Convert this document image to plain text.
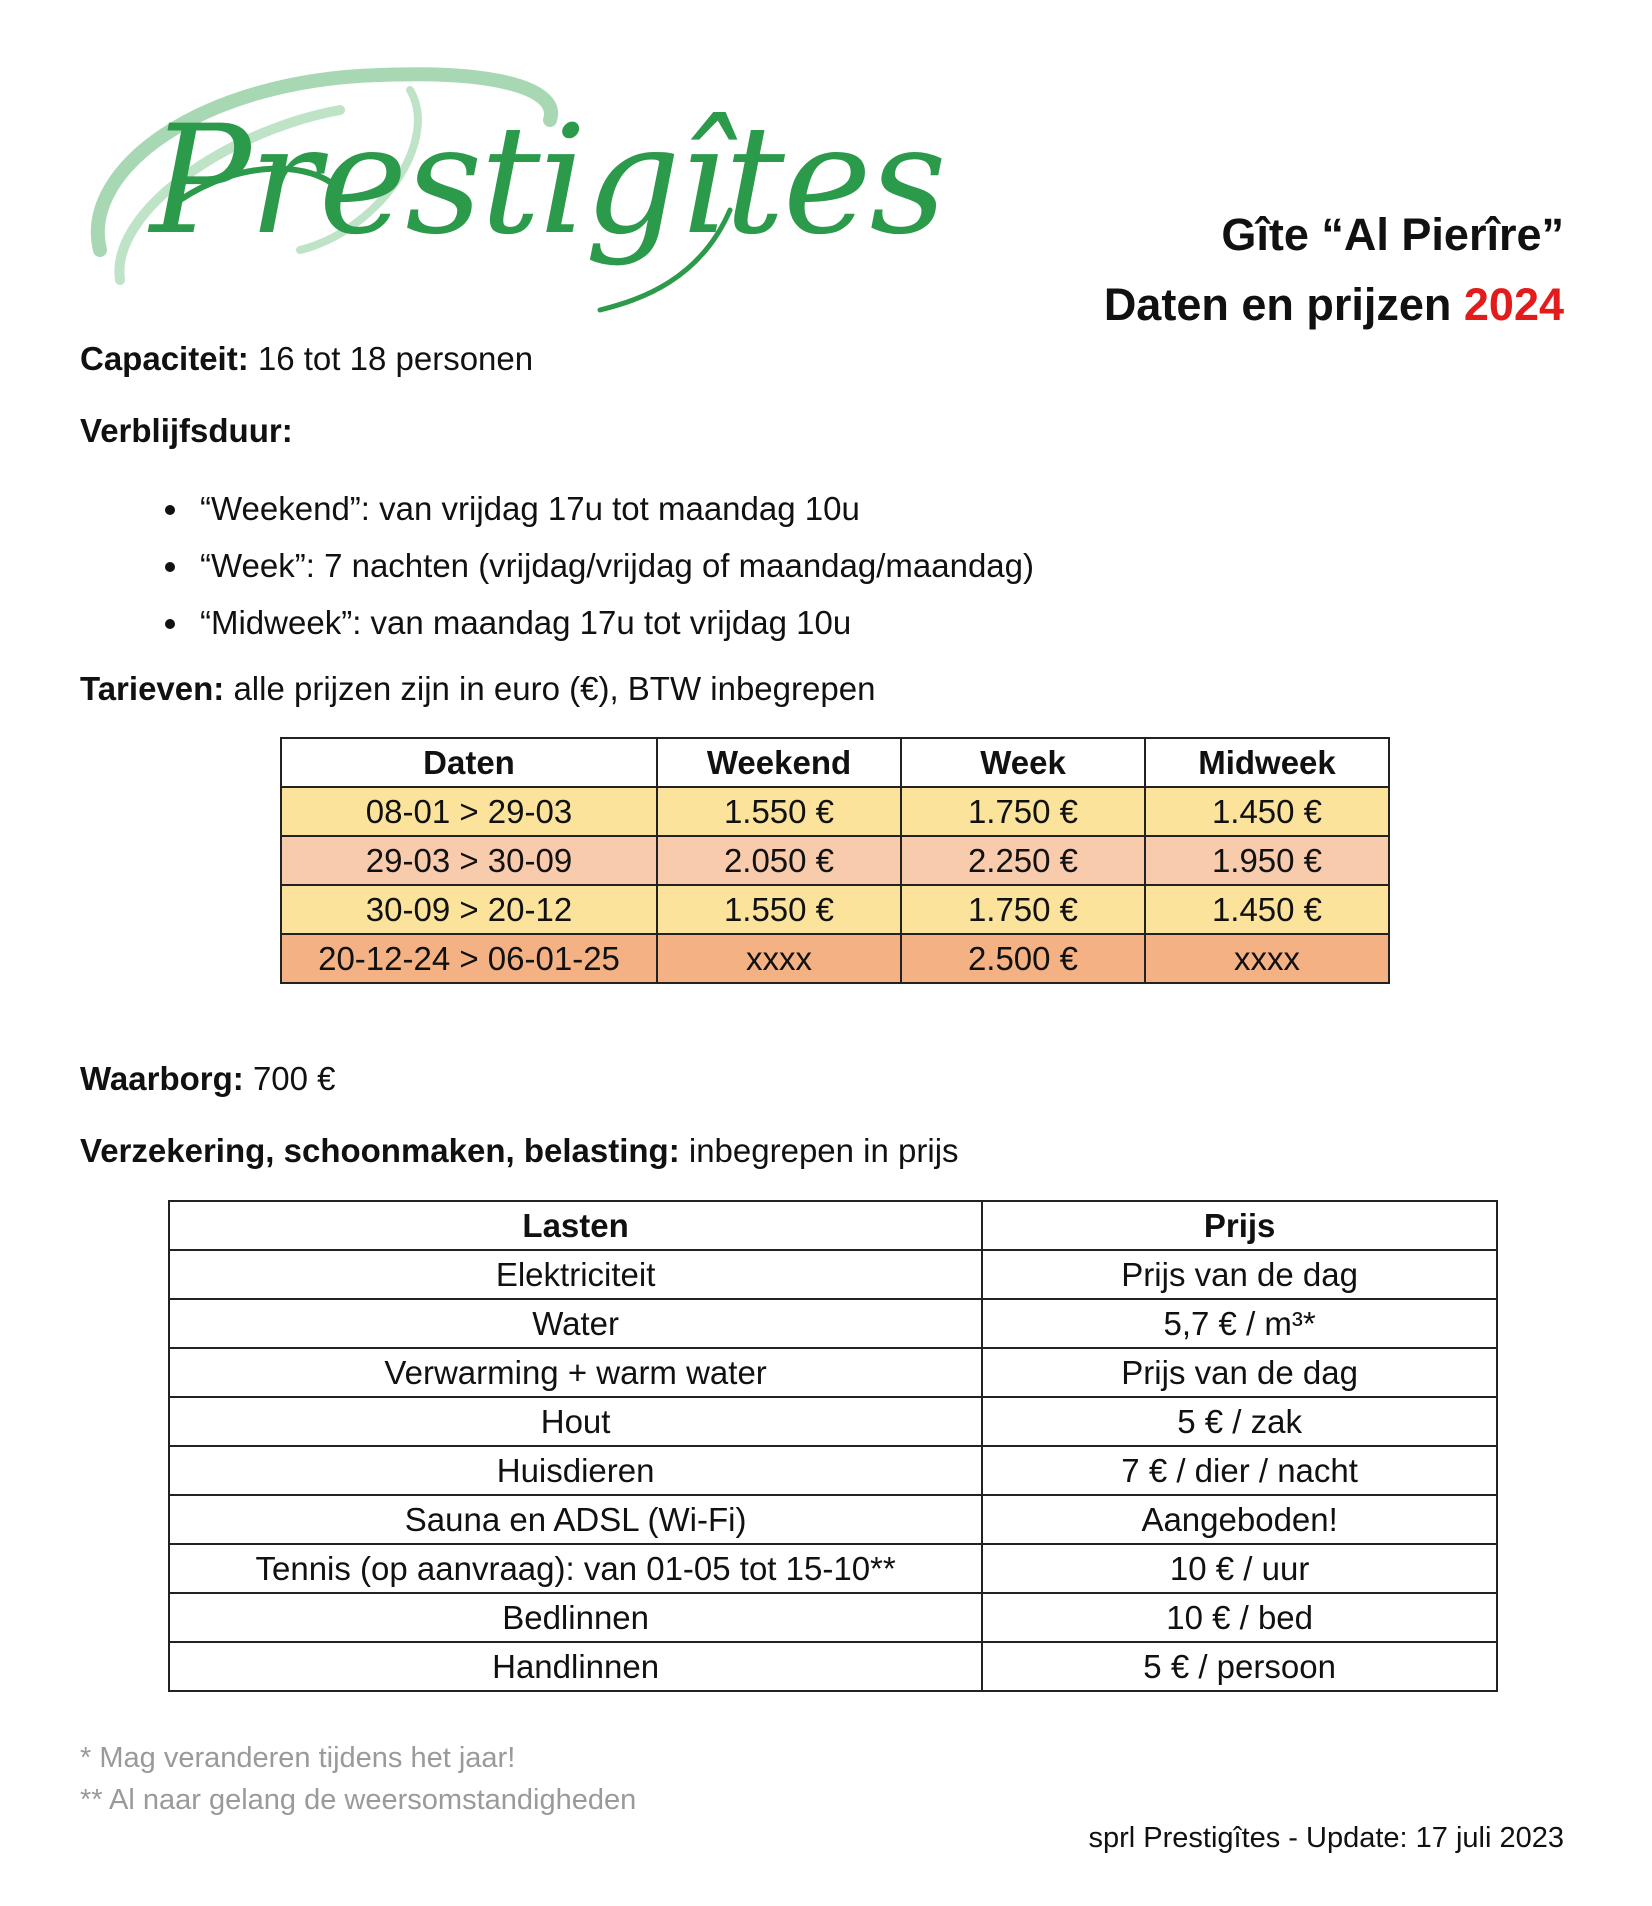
Prestigîtes	Gîte “Al Pierîre”
Daten en prijzen 2024
Capaciteit: 16 tot 18 personen
Verblijfsduur:
“Weekend”: van vrijdag 17u tot maandag 10u
“Week”: 7 nachten (vrijdag/vrijdag of maandag/maandag)
“Midweek”: van maandag 17u tot vrijdag 10u
Tarieven: alle prijzen zijn in euro (€), BTW inbegrepen
Daten	Weekend	Week	Midweek
08-01 > 29-03	1.550 €	1.750 €	1.450 €
29-03 > 30-09	2.050 €	2.250 €	1.950 €
30-09 > 20-12	1.550 €	1.750 €	1.450 €
20-12-24 > 06-01-25	xxxx	2.500 €	xxxx
Waarborg: 700 €
Verzekering, schoonmaken, belasting: inbegrepen in prijs
Lasten	Prijs
Elektriciteit	Prijs van de dag
Water	5,7 € / m³*
Verwarming + warm water	Prijs van de dag
Hout	5 € / zak
Huisdieren	7 € / dier / nacht
Sauna en ADSL (Wi-Fi)	Aangeboden!
Tennis (op aanvraag): van 01-05 tot 15-10**	10 € / uur
Bedlinnen	10 € / bed
Handlinnen	5 € / persoon
* Mag veranderen tijdens het jaar!
** Al naar gelang de weersomstandigheden
sprl Prestigîtes - Update: 17 juli 2023
